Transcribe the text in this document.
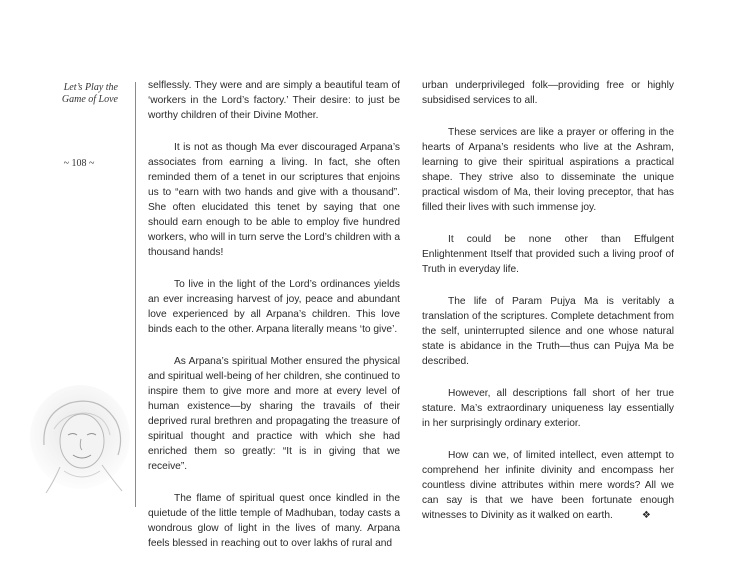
Let’s Play the
Game of Love
~ 108 ~

selflessly. They were and are simply a beautiful team of ‘workers in the Lord’s factory.’ Their desire: to just be worthy children of their Divine Mother.

It is not as though Ma ever discouraged Arpana’s associates from earning a living. In fact, she often reminded them of a tenet in our scriptures that enjoins us to “earn with two hands and give with a thousand”. She often elucidated this tenet by saying that one should earn enough to be able to employ five hundred workers, who will in turn serve the Lord’s children with a thousand hands!

To live in the light of the Lord’s ordinances yields an ever increasing harvest of joy, peace and abundant love experienced by all Arpana’s children. This love binds each to the other. Arpana literally means ‘to give’.

As Arpana’s spiritual Mother ensured the physical and spiritual well-being of her children, she continued to inspire them to give more and more at every level of human existence—by sharing the travails of their deprived rural brethren and propagating the treasure of spiritual thought and practice with which she had enriched them so greatly: “It is in giving that we receive”.

The flame of spiritual quest once kindled in the quietude of the little temple of Madhuban, today casts a wondrous glow of light in the lives of many. Arpana feels blessed in reaching out to over lakhs of rural and

urban underprivileged folk—providing free or highly subsidised services to all.

These services are like a prayer or offering in the hearts of Arpana’s residents who live at the Ashram, learning to give their spiritual aspirations a practical shape. They strive also to disseminate the unique practical wisdom of Ma, their loving preceptor, that has filled their lives with such immense joy.

It could be none other than Effulgent Enlightenment Itself that provided such a living proof of Truth in everyday life.

The life of Param Pujya Ma is veritably a translation of the scriptures. Complete detachment from the self, uninterrupted silence and one whose natural state is abidance in the Truth—thus can Pujya Ma be described.

However, all descriptions fall short of her true stature. Ma’s extraordinary uniqueness lay essentially in her surprisingly ordinary exterior.

How can we, of limited intellect, even attempt to comprehend her infinite divinity and encompass her countless divine attributes within mere words? All we can say is that we have been fortunate enough witnesses to Divinity as it walked on earth.	❖
